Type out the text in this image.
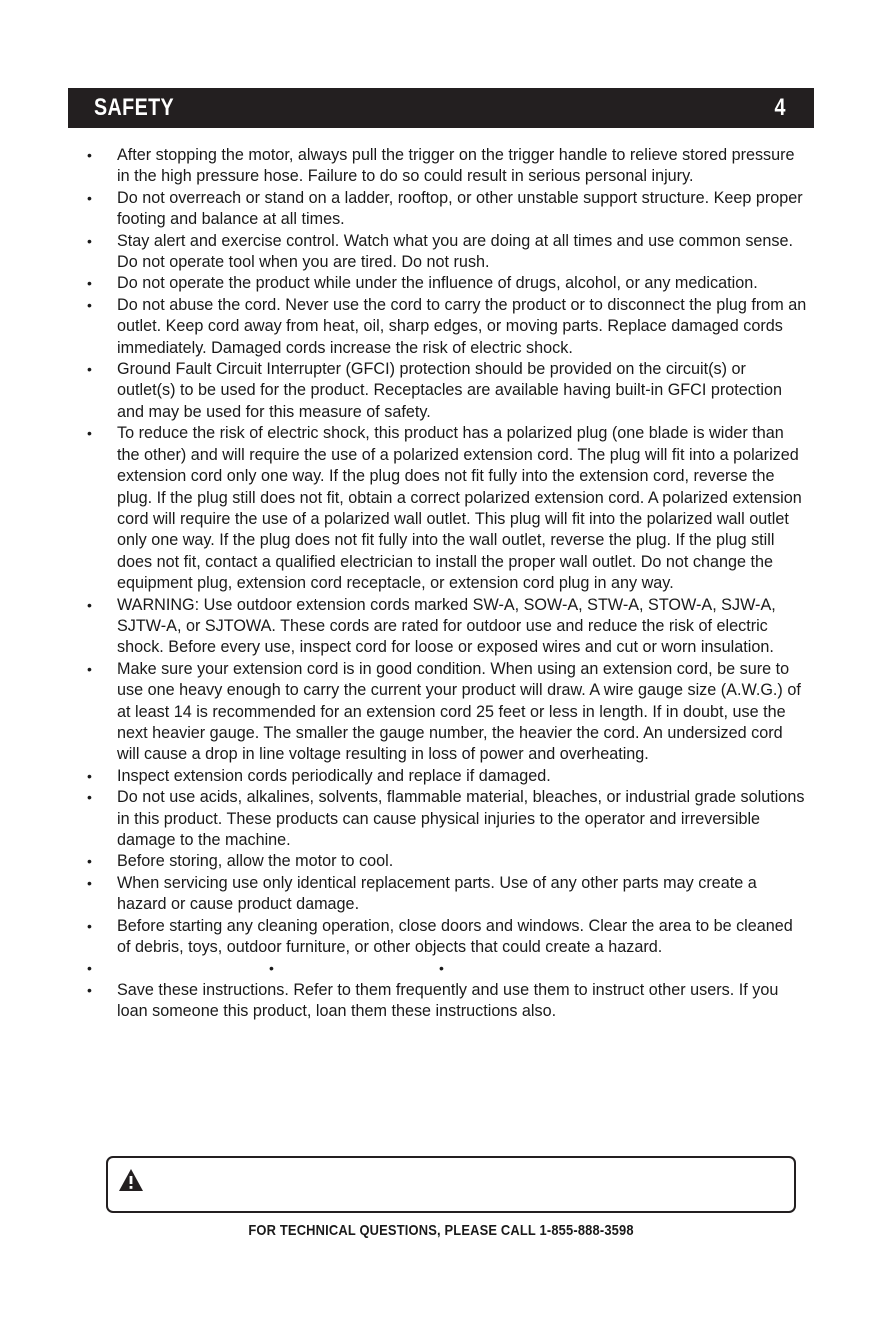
SAFETY	4
• After stopping the motor, always pull the trigger on the trigger handle to relieve stored pressure in the high pressure hose. Failure to do so could result in serious personal injury.
• Do not overreach or stand on a ladder, rooftop, or other unstable support structure. Keep proper footing and balance at all times.
• Stay alert and exercise control. Watch what you are doing at all times and use common sense. Do not operate tool when you are tired. Do not rush.
• Do not operate the product while under the influence of drugs, alcohol, or any medication.
• Do not abuse the cord. Never use the cord to carry the product or to disconnect the plug from an outlet. Keep cord away from heat, oil, sharp edges, or moving parts. Replace damaged cords immediately. Damaged cords increase the risk of electric shock.
• Ground Fault Circuit Interrupter (GFCI) protection should be provided on the circuit(s) or outlet(s) to be used for the product. Receptacles are available having built-in GFCI protection and may be used for this measure of safety.
• To reduce the risk of electric shock, this product has a polarized plug (one blade is wider than the other) and will require the use of a polarized extension cord. The plug will fit into a polarized extension cord only one way. If the plug does not fit fully into the extension cord, reverse the plug. If the plug still does not fit, obtain a correct polarized extension cord. A polarized extension cord will require the use of a polarized wall outlet. This plug will fit into the polarized wall outlet only one way. If the plug does not fit fully into the wall outlet, reverse the plug. If the plug still does not fit, contact a qualified electrician to install the proper wall outlet. Do not change the equipment plug, extension cord receptacle, or extension cord plug in any way.
• WARNING: Use outdoor extension cords marked SW-A, SOW-A, STW-A, STOW-A, SJW-A, SJTW-A, or SJTOWA. These cords are rated for outdoor use and reduce the risk of electric shock. Before every use, inspect cord for loose or exposed wires and cut or worn insulation.
• Make sure your extension cord is in good condition. When using an extension cord, be sure to use one heavy enough to carry the current your product will draw. A wire gauge size (A.W.G.) of at least 14 is recommended for an extension cord 25 feet or less in length. If in doubt, use the next heavier gauge. The smaller the gauge number, the heavier the cord. An undersized cord will cause a drop in line voltage resulting in loss of power and overheating.
• Inspect extension cords periodically and replace if damaged.
• Do not use acids, alkalines, solvents, flammable material, bleaches, or industrial grade solutions in this product. These products can cause physical injuries to the operator and irreversible damage to the machine.
• Before storing, allow the motor to cool.
• When servicing use only identical replacement parts. Use of any other parts may create a hazard or cause product damage.
• Before starting any cleaning operation, close doors and windows. Clear the area to be cleaned of debris, toys, outdoor furniture, or other objects that could create a hazard.
• •	•
• Save these instructions. Refer to them frequently and use them to instruct other users. If you loan someone this product, loan them these instructions also.
FOR TECHNICAL QUESTIONS, PLEASE CALL 1-855-888-3598
